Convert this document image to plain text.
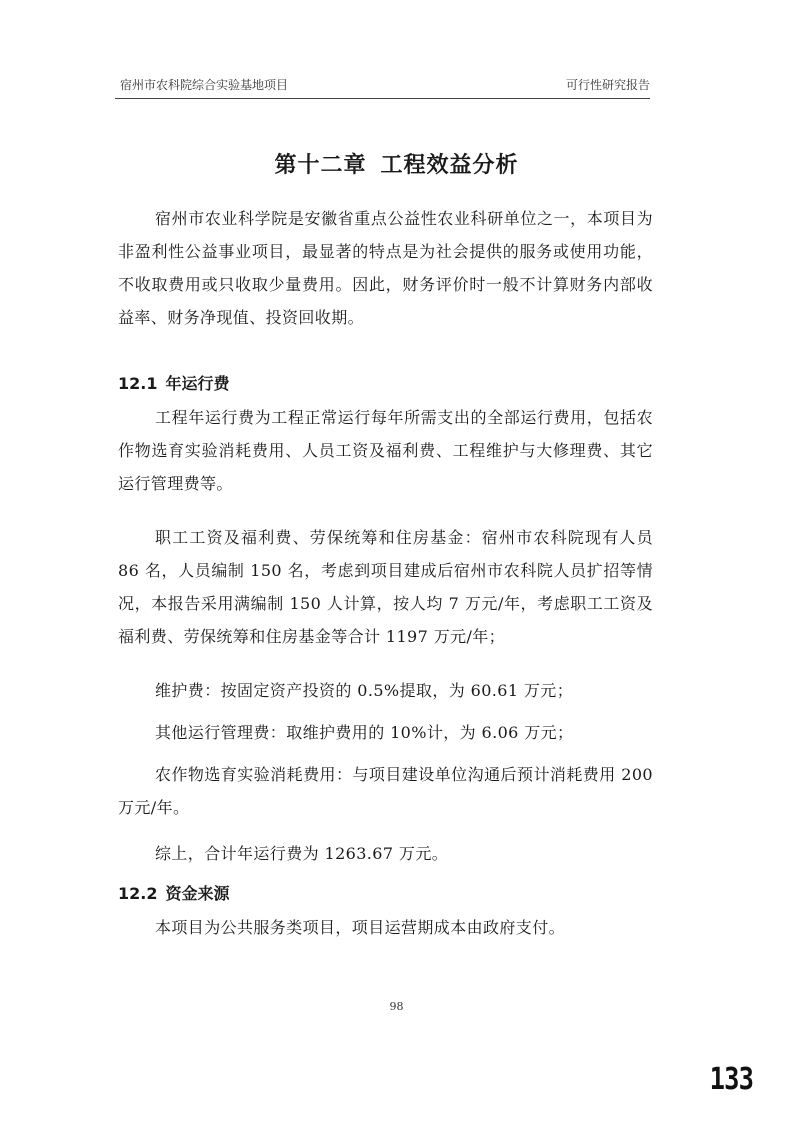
宿州市农科院综合实验基地项目	可行性研究报告
第十二章 工程效益分析

宿州市农业科学院是安徽省重点公益性农业科研单位之一，本项目为非盈利性公益事业项目，最显著的特点是为社会提供的服务或使用功能，不收取费用或只收取少量费用。因此，财务评价时一般不计算财务内部收益率、财务净现值、投资回收期。

12.1 年运行费

工程年运行费为工程正常运行每年所需支出的全部运行费用，包括农作物选育实验消耗费用、人员工资及福利费、工程维护与大修理费、其它运行管理费等。

职工工资及福利费、劳保统筹和住房基金：宿州市农科院现有人员 86 名，人员编制 150 名，考虑到项目建成后宿州市农科院人员扩招等情况，本报告采用满编制 150 人计算，按人均 7 万元/年，考虑职工工资及福利费、劳保统筹和住房基金等合计 1197 万元/年；

维护费：按固定资产投资的 0.5%提取，为 60.61 万元；

其他运行管理费：取维护费用的 10%计，为 6.06 万元；

农作物选育实验消耗费用：与项目建设单位沟通后预计消耗费用 200 万元/年。

综上，合计年运行费为 1263.67 万元。

12.2 资金来源

本项目为公共服务类项目，项目运营期成本由政府支付。

98
133
